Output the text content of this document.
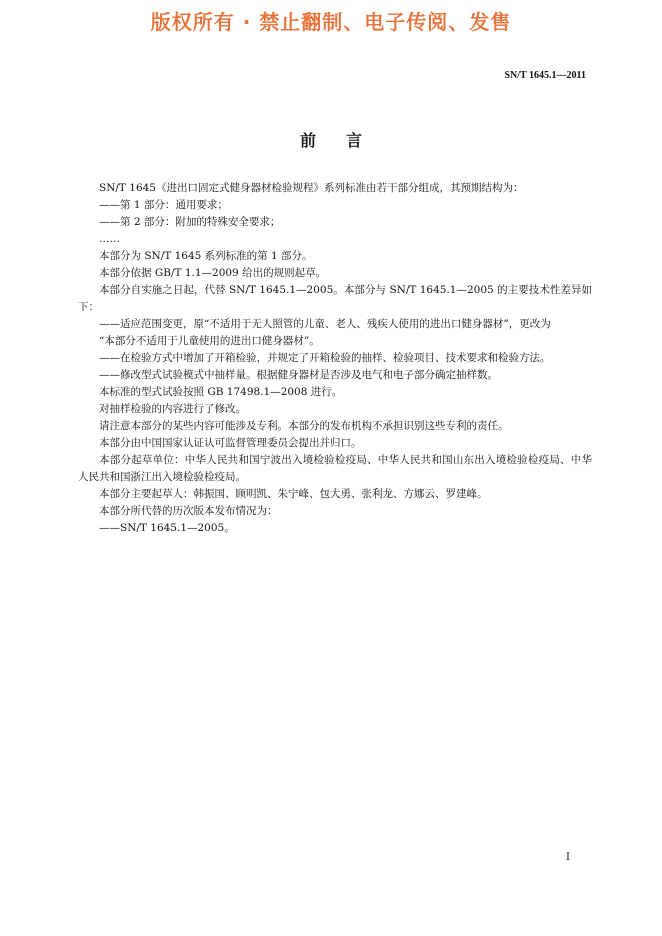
版权所有 · 禁止翻制、电子传阅、发售
SN/T 1645.1—2011
前言

SN/T 1645《进出口固定式健身器材检验规程》系列标准由若干部分组成，其预期结构为：

——第 1 部分：通用要求；

——第 2 部分：附加的特殊安全要求；

……

本部分为 SN/T 1645 系列标准的第 1 部分。

本部分依据 GB/T 1.1—2009 给出的规则起草。

本部分自实施之日起，代替 SN/T 1645.1—2005。本部分与 SN/T 1645.1—2005 的主要技术性差异如下：

——适应范围变更，原“不适用于无人照管的儿童、老人、残疾人使用的进出口健身器材”，更改为

“本部分不适用于儿童使用的进出口健身器材”。

——在检验方式中增加了开箱检验，并规定了开箱检验的抽样、检验项目、技术要求和检验方法。

——修改型式试验模式中抽样量。根据健身器材是否涉及电气和电子部分确定抽样数。

本标准的型式试验按照 GB 17498.1—2008 进行。

对抽样检验的内容进行了修改。

请注意本部分的某些内容可能涉及专利。本部分的发布机构不承担识别这些专利的责任。

本部分由中国国家认证认可监督管理委员会提出并归口。

本部分起草单位：中华人民共和国宁波出入境检验检疫局、中华人民共和国山东出入境检验检疫局、中华人民共和国浙江出入境检验检疫局。

本部分主要起草人：韩振国、顾明凯、朱宁峰、包大勇、张利龙、方娜云、罗建峰。

本部分所代替的历次版本发布情况为：

——SN/T 1645.1—2005。

I
